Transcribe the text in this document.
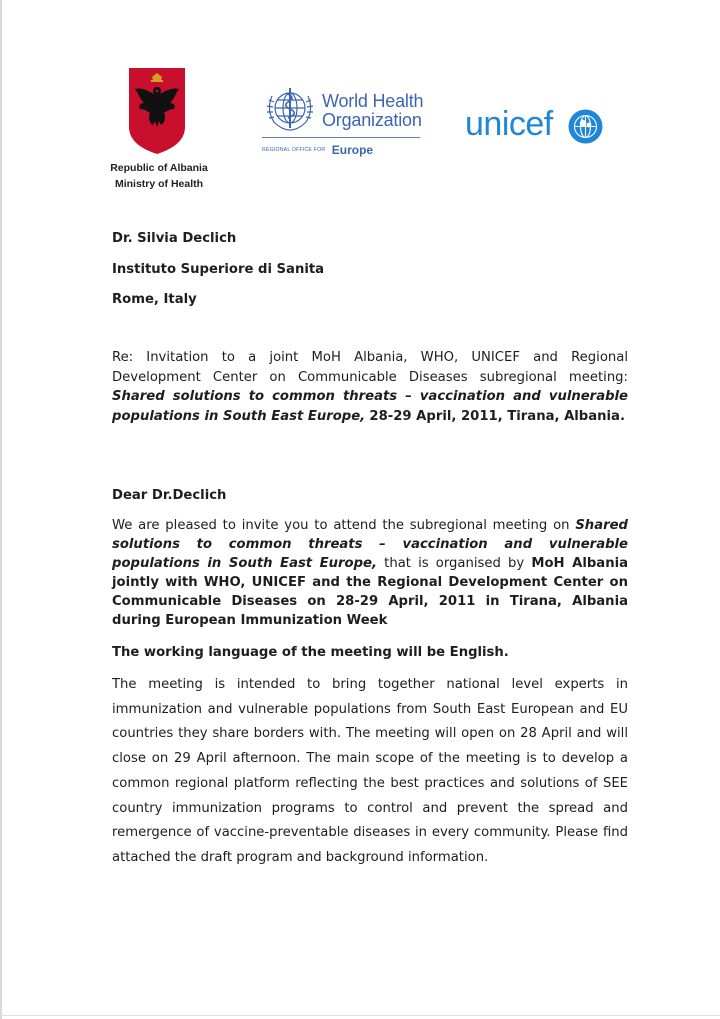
Republic of Albania
Ministry of Health
World Health
Organization
REGIONAL OFFICE FOR Europe
unicef
Dr. Silvia Declich
Instituto Superiore di Sanita
Rome, Italy

Re: Invitation to a joint MoH Albania, WHO, UNICEF and Regional Development Center on Communicable Diseases subregional meeting: Shared solutions to common threats – vaccination and vulnerable populations in South East Europe, 28-29 April, 2011, Tirana, Albania.

Dear Dr.Declich

We are pleased to invite you to attend the subregional meeting on Shared solutions to common threats – vaccination and vulnerable populations in South East Europe, that is organised by MoH Albania jointly with WHO, UNICEF and the Regional Development Center on Communicable Diseases on 28-29 April, 2011 in Tirana, Albania during European Immunization Week

The working language of the meeting will be English.

The meeting is intended to bring together national level experts in immunization and vulnerable populations from South East European and EU countries they share borders with. The meeting will open on 28 April and will close on 29 April afternoon. The main scope of the meeting is to develop a common regional platform reflecting the best practices and solutions of SEE country immunization programs to control and prevent the spread and remergence of vaccine-preventable diseases in every community. Please find attached the draft program and background information.
